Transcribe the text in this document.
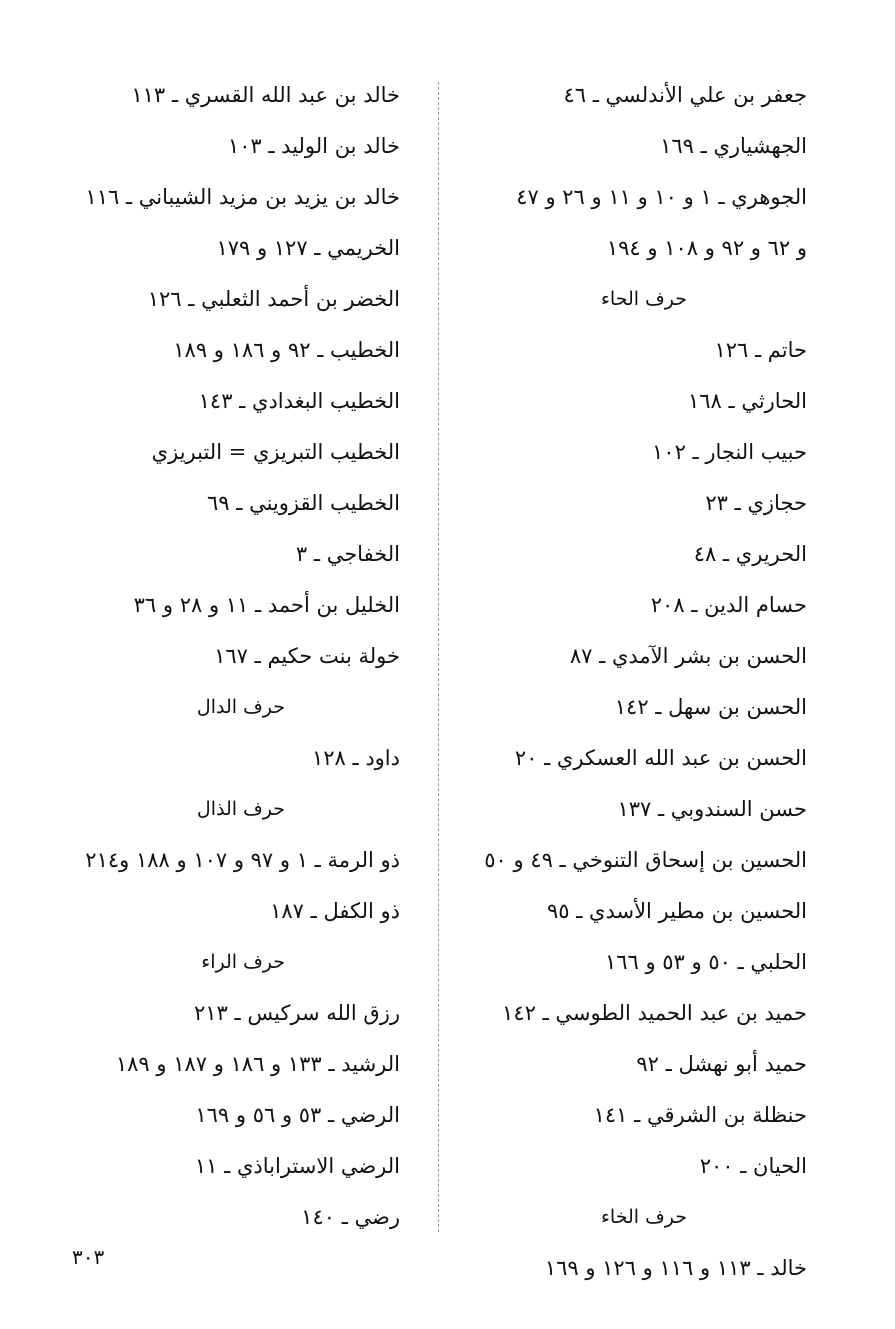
جعفر بن علي الأندلسي ـ ٤٦
الجهشياري ـ ١٦٩
الجوهري ـ ١ و ١٠ و ١١ و ٢٦ و ٤٧
و ٦٢ و ٩٢ و ١٠٨ و ١٩٤
حرف الحاء
حاتم ـ ١٢٦
الحارثي ـ ١٦٨
حبيب النجار ـ ١٠٢
حجازي ـ ٢٣
الحريري ـ ٤٨
حسام الدين ـ ٢٠٨
الحسن بن بشر الآمدي ـ ٨٧
الحسن بن سهل ـ ١٤٢
الحسن بن عبد الله العسكري ـ ٢٠
حسن السندوبي ـ ١٣٧
الحسين بن إسحاق التنوخي ـ ٤٩ و ٥٠
الحسين بن مطير الأسدي ـ ٩٥
الحلبي ـ ٥٠ و ٥٣ و ١٦٦
حميد بن عبد الحميد الطوسي ـ ١٤٢
حميد أبو نهشل ـ ٩٢
حنظلة بن الشرقي ـ ١٤١
الحيان ـ ٢٠٠
حرف الخاء
خالد ـ ١١٣ و ١١٦ و ١٢٦ و ١٦٩
خالد بن عبد الله القسري ـ ١١٣
خالد بن الوليد ـ ١٠٣
خالد بن يزيد بن مزيد الشيباني ـ ١١٦
الخريمي ـ ١٢٧ و ١٧٩
الخضر بن أحمد الثعلبي ـ ١٢٦
الخطيب ـ ٩٢ و ١٨٦ و ١٨٩
الخطيب البغدادي ـ ١٤٣
الخطيب التبريزي = التبريزي
الخطيب القزويني ـ ٦٩
الخفاجي ـ ٣
الخليل بن أحمد ـ ١١ و ٢٨ و ٣٦
خولة بنت حكيم ـ ١٦٧
حرف الدال
داود ـ ١٢٨
حرف الذال
ذو الرمة ـ ١ و ٩٧ و ١٠٧ و ١٨٨ و٢١٤
ذو الكفل ـ ١٨٧
حرف الراء
رزق الله سركيس ـ ٢١٣
الرشيد ـ ١٣٣ و ١٨٦ و ١٨٧ و ١٨٩
الرضي ـ ٥٣ و ٥٦ و ١٦٩
الرضي الاستراباذي ـ ١١
رضي ـ ١٤٠
٣٠٣
